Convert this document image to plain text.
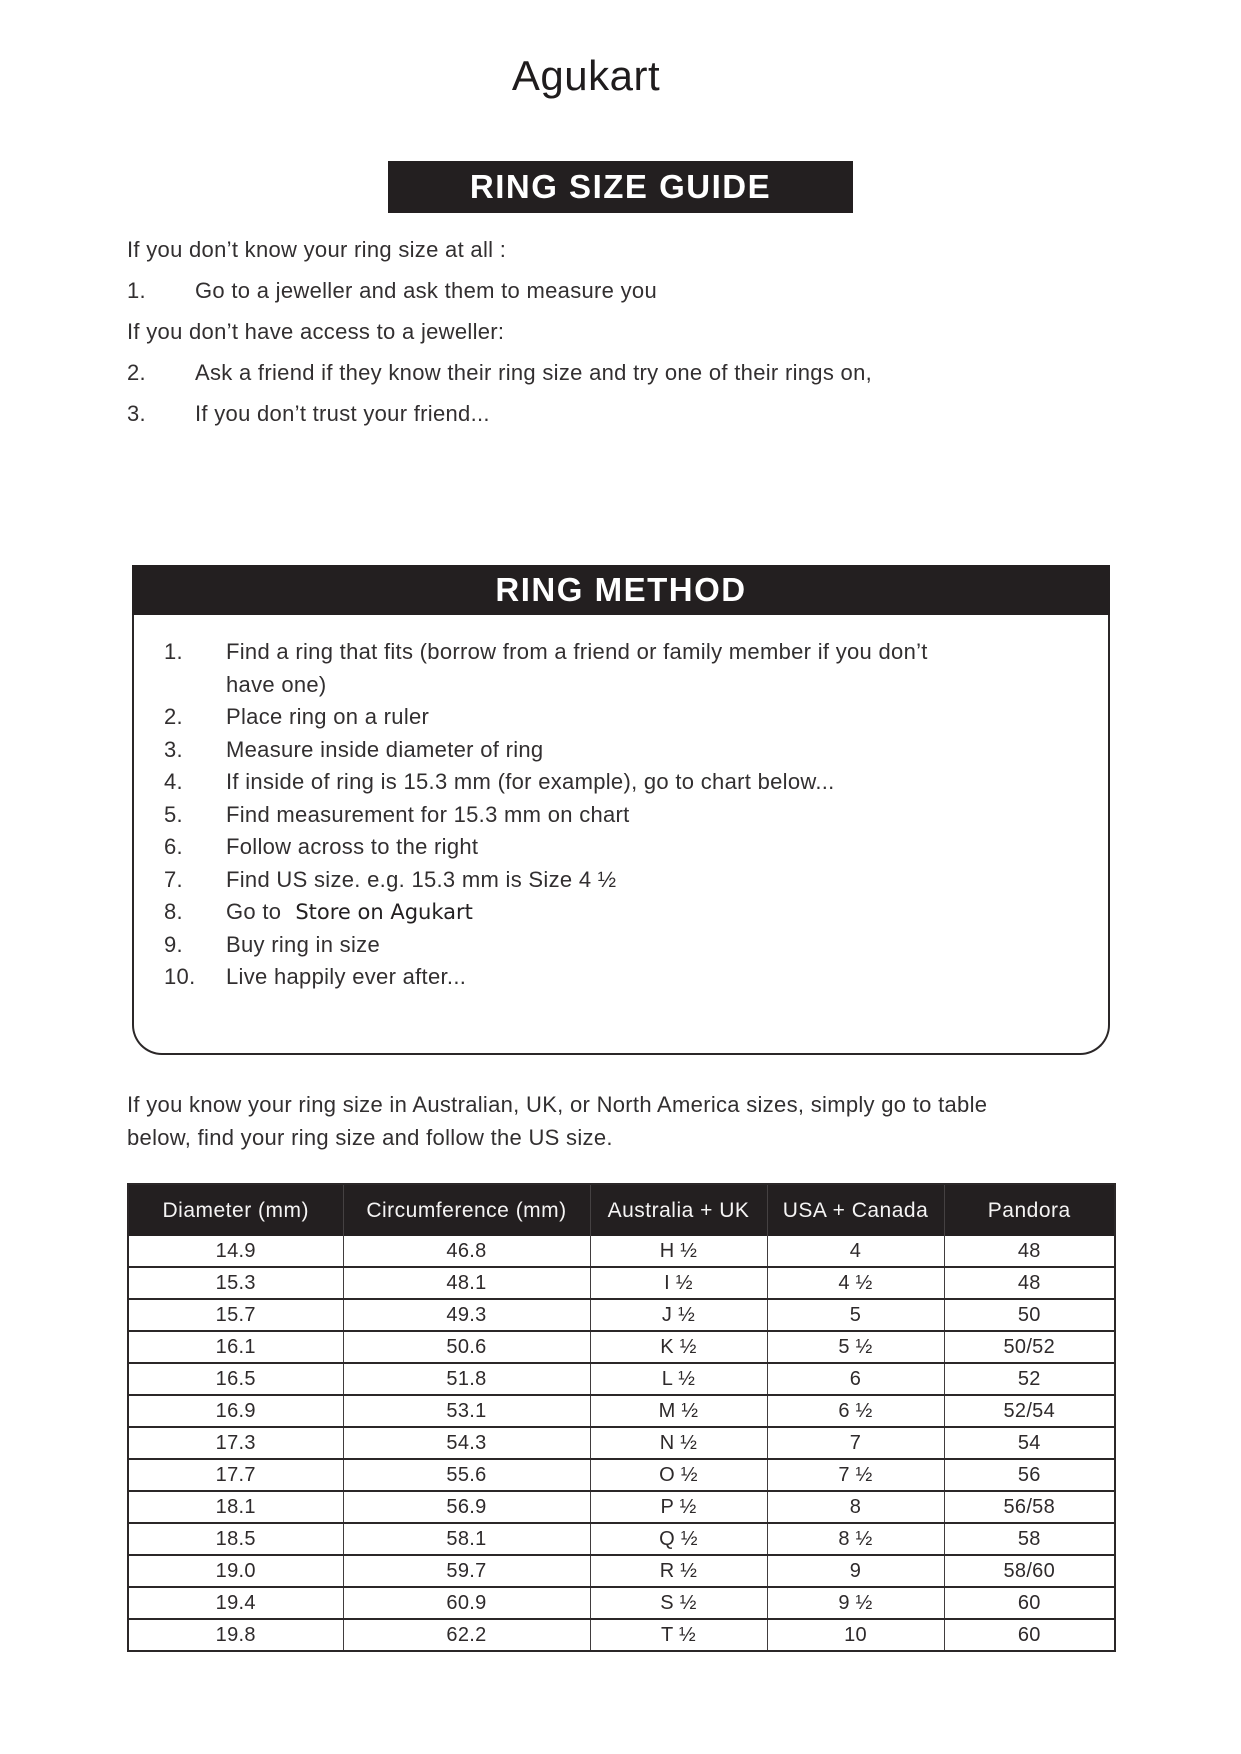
Agukart
RING SIZE GUIDE
If you don’t know your ring size at all :
1. Go to a jeweller and ask them to measure you
If you don’t have access to a jeweller:
2. Ask a friend if they know their ring size and try one of their rings on,
3. If you don’t trust your friend...
RING METHOD
1. Find a ring that fits (borrow from a friend or family member if you don’t have one)
2. Place ring on a ruler
3. Measure inside diameter of ring
4. If inside of ring is 15.3 mm (for example), go to chart below...
5. Find measurement for 15.3 mm on chart
6. Follow across to the right
7. Find US size. e.g. 15.3 mm is Size 4 ½
8. Go to Store on Agukart
9. Buy ring in size
10. Live happily ever after...
If you know your ring size in Australian, UK, or North America sizes, simply go to table below, find your ring size and follow the US size.
Diameter (mm)	Circumference (mm)	Australia + UK	USA + Canada	Pandora
14.9	46.8	H ½	4	48
15.3	48.1	I ½	4 ½	48
15.7	49.3	J ½	5	50
16.1	50.6	K ½	5 ½	50/52
16.5	51.8	L ½	6	52
16.9	53.1	M ½	6 ½	52/54
17.3	54.3	N ½	7	54
17.7	55.6	O ½	7 ½	56
18.1	56.9	P ½	8	56/58
18.5	58.1	Q ½	8 ½	58
19.0	59.7	R ½	9	58/60
19.4	60.9	S ½	9 ½	60
19.8	62.2	T ½	10	60
